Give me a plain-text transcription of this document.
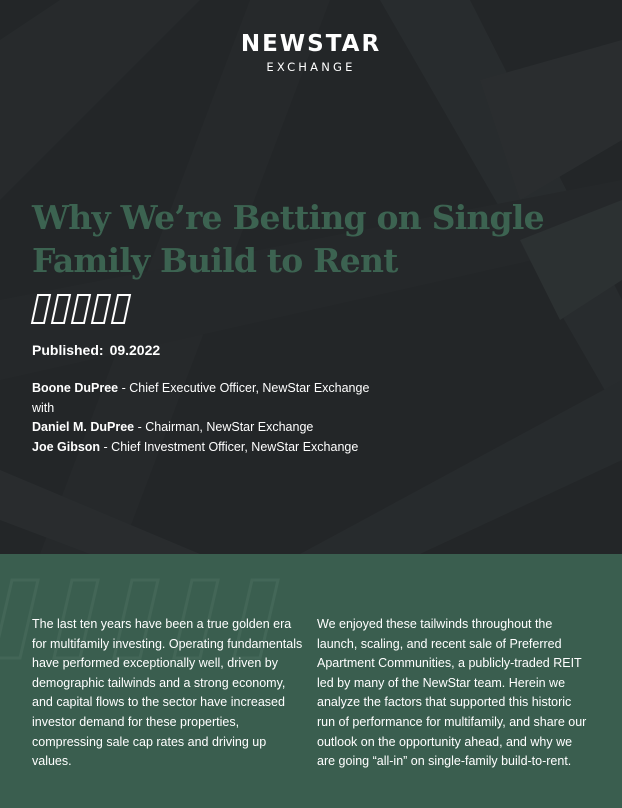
NEWSTAR
EXCHANGE
Why We’re Betting on Single Family Build to Rent
Published: 09.2022
Boone DuPree - Chief Executive Officer, NewStar Exchange
with
Daniel M. DuPree - Chairman, NewStar Exchange
Joe Gibson - Chief Investment Officer, NewStar Exchange
The last ten years have been a true golden era for multifamily investing. Operating fundamentals have performed exceptionally well, driven by demographic tailwinds and a strong economy, and capital flows to the sector have increased investor demand for these properties, compressing sale cap rates and driving up values.
We enjoyed these tailwinds throughout the launch, scaling, and recent sale of Preferred Apartment Communities, a publicly-traded REIT led by many of the NewStar team. Herein we analyze the factors that supported this historic run of performance for multifamily, and share our outlook on the opportunity ahead, and why we are going “all-in” on single-family build-to-rent.
